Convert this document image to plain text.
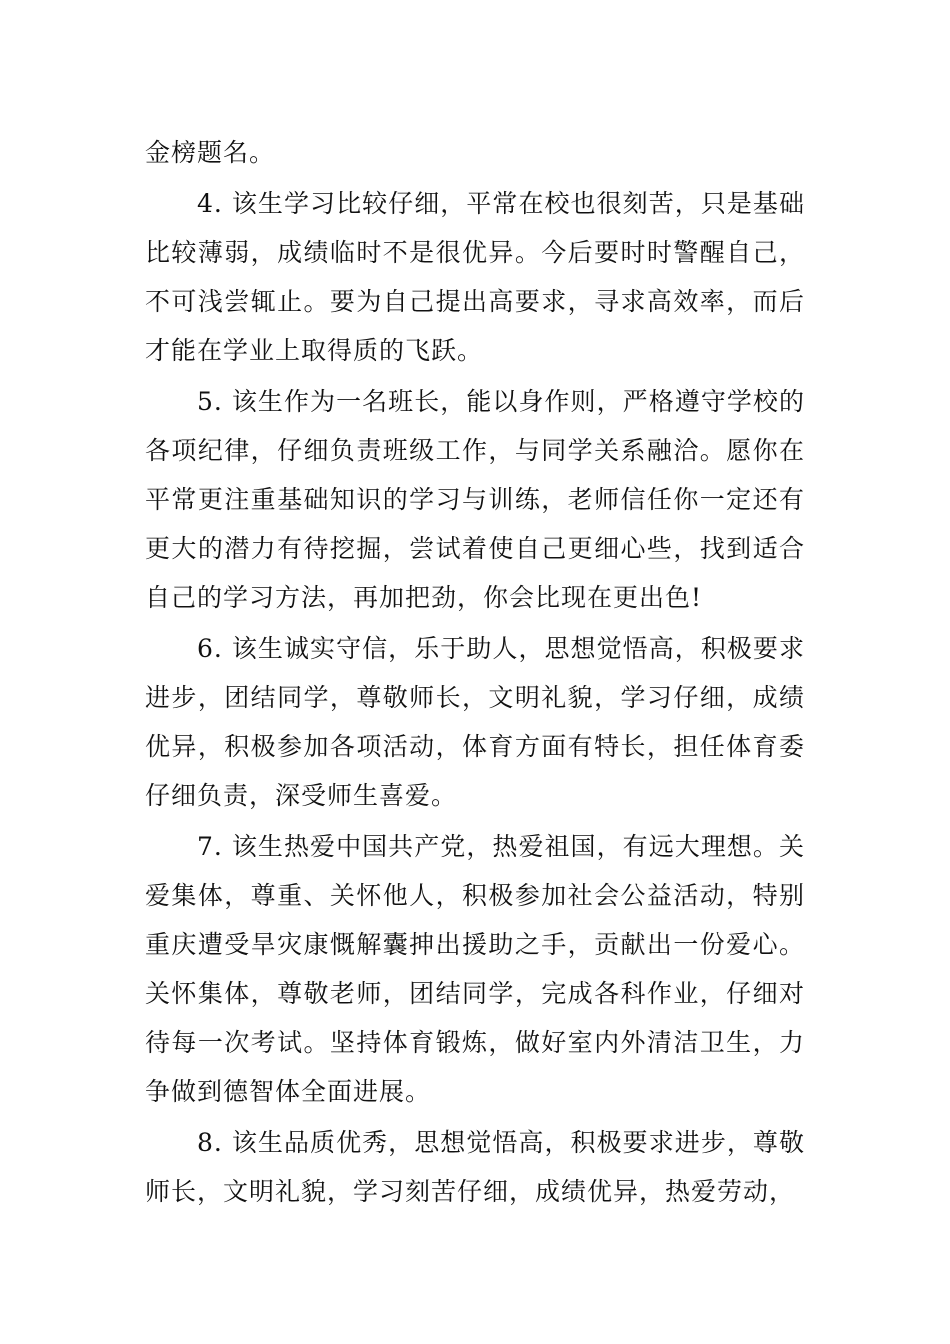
金榜题名。

4. 该生学习比较仔细，平常在校也很刻苦，只是基础比较薄弱，成绩临时不是很优异。今后要时时警醒自己，不可浅尝辄止。要为自己提出高要求，寻求高效率，而后才能在学业上取得质的飞跃。

5. 该生作为一名班长，能以身作则，严格遵守学校的各项纪律，仔细负责班级工作，与同学关系融洽。愿你在平常更注重基础知识的学习与训练，老师信任你一定还有更大的潜力有待挖掘，尝试着使自己更细心些，找到适合自己的学习方法，再加把劲，你会比现在更出色!

6. 该生诚实守信，乐于助人，思想觉悟高，积极要求进步，团结同学，尊敬师长，文明礼貌，学习仔细，成绩优异，积极参加各项活动，体育方面有特长，担任体育委仔细负责，深受师生喜爱。

7. 该生热爱中国共产党，热爱祖国，有远大理想。关爱集体，尊重、关怀他人，积极参加社会公益活动，特别重庆遭受旱灾康慨解囊抻出援助之手，贡献出一份爱心。关怀集体，尊敬老师，团结同学，完成各科作业，仔细对待每一次考试。坚持体育锻炼，做好室内外清洁卫生，力争做到德智体全面进展。

8. 该生品质优秀，思想觉悟高，积极要求进步，尊敬师长，文明礼貌，学习刻苦仔细，成绩优异，热爱劳动，
